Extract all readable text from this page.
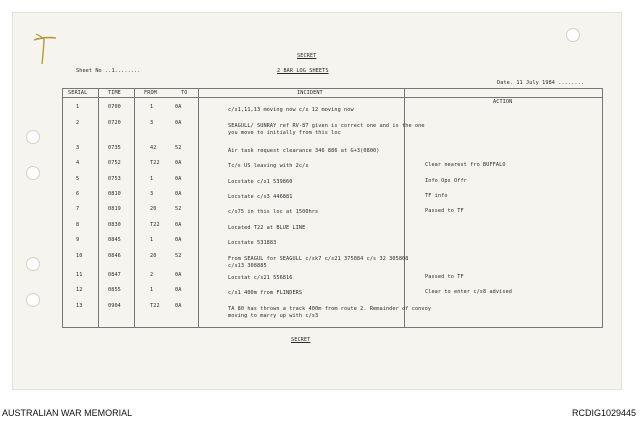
SECRET
Sheet No ..1........	2 BAR LOG SHEETS
Date. 11 July 1984 ........
SERIAL	TIME	FROM	TO	INCIDENT
ACTION
1	0700	1	0A	c/s1,11,13 moving now c/s 12 moving now
2	0720	3	0A	SEAGULL/ SUNRAY ref RV-87 given is correct one and is the one
you move to initially from this loc
3	0735	42	52	Air task request clearance 346 886 at G+3(0800)
4	0752	T22	0A	Tc/s US leaving with 2c/s	Clear nearest fro BUFFALO
5	0753	1	0A	Locstate c/s1 539860	Info Ops Offr
6	0810	3	0A	Locstate c/s3 446881	TF info
7	0819	20	52	c/s75 in this loc at 1500hrs	Passed to TF
8	0830	T22	0A	Located T22 at BLUE LINE
9	0845	1	0A	Locstate 531883
10	0846	20	52	From SEAGUL for SEAGULL c/sk7 c/s21 375884 c/s 32 305808
c/s13 308885
11	0847	2	0A	Locstat c/s21 556816	Passed to TF
12	0855	1	0A	c/s1 400m from FLINDERS	Clear to enter c/s8 advised
13	0904	T22	0A	TA 80 has thrown a track 400m from route 2. Remainder of convoy
moving to marry up with c/s3
SECRET
AUSTRALIAN WAR MEMORIAL	RCDIG1029445
